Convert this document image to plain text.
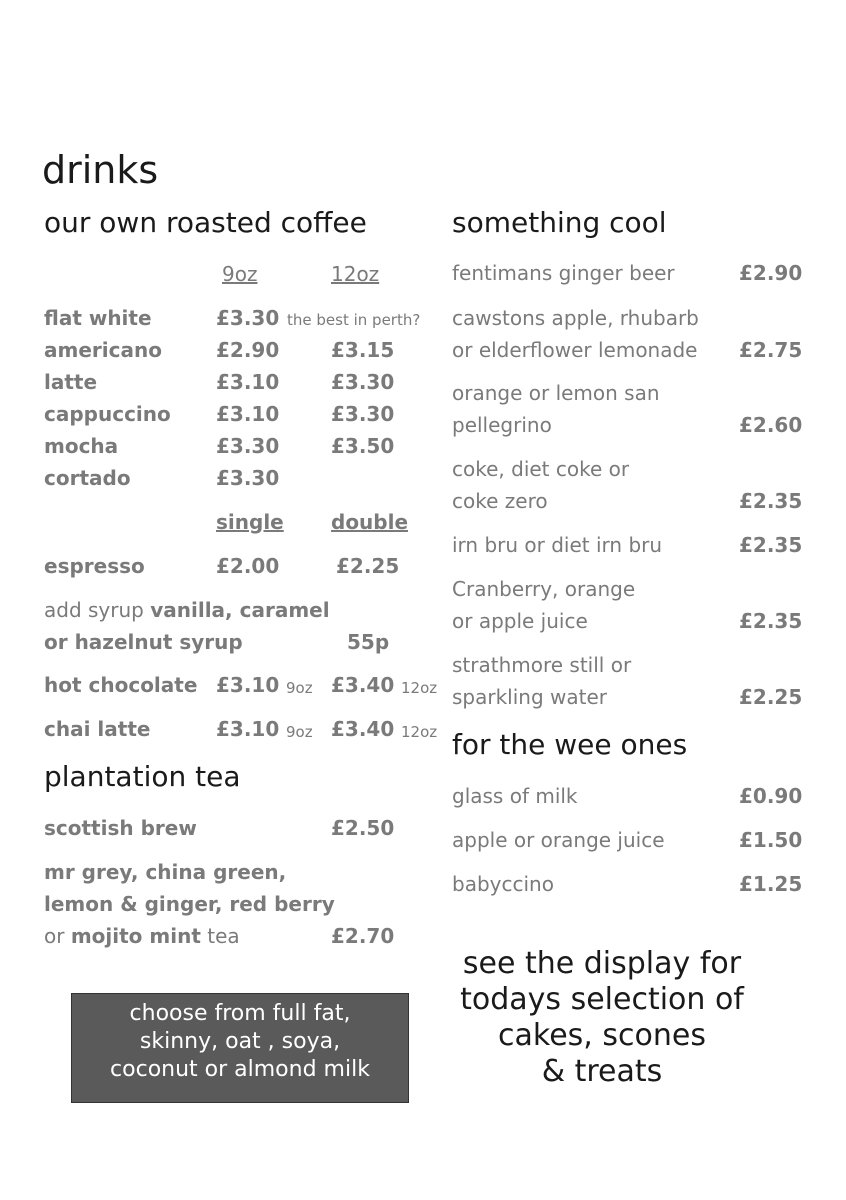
drinks
our own roasted coffee
9oz	12oz
flat white	£3.30 the best in perth?
americano	£2.90	£3.15
latte	£3.10	£3.30
cappuccino £3.10	£3.30
mocha	£3.30	£3.50
cortado	£3.30
single double
espresso	£2.00	£2.25
add syrup vanilla, caramel
or hazelnut syrup	55p
hot chocolate £3.10 9oz £3.40 12oz
chai latte	£3.10 9oz £3.40 12oz
plantation tea
scottish brew	£2.50
mr grey, china green,
lemon & ginger, red berry
or mojito mint tea	£2.70
choose from full fat,
skinny, oat , soya,
coconut or almond milk
something cool
fentimans ginger beer	£2.90
cawstons apple, rhubarb
or elderflower lemonade £2.75
orange or lemon san
pellegrino	£2.60
coke, diet coke or
coke zero	£2.35
irn bru or diet irn bru	£2.35
Cranberry, orange
or apple juice	£2.35
strathmore still or
sparkling water	£2.25
for the wee ones
glass of milk	£0.90
apple or orange juice	£1.50
babyccino	£1.25
see the display for
todays selection of
cakes, scones
& treats
